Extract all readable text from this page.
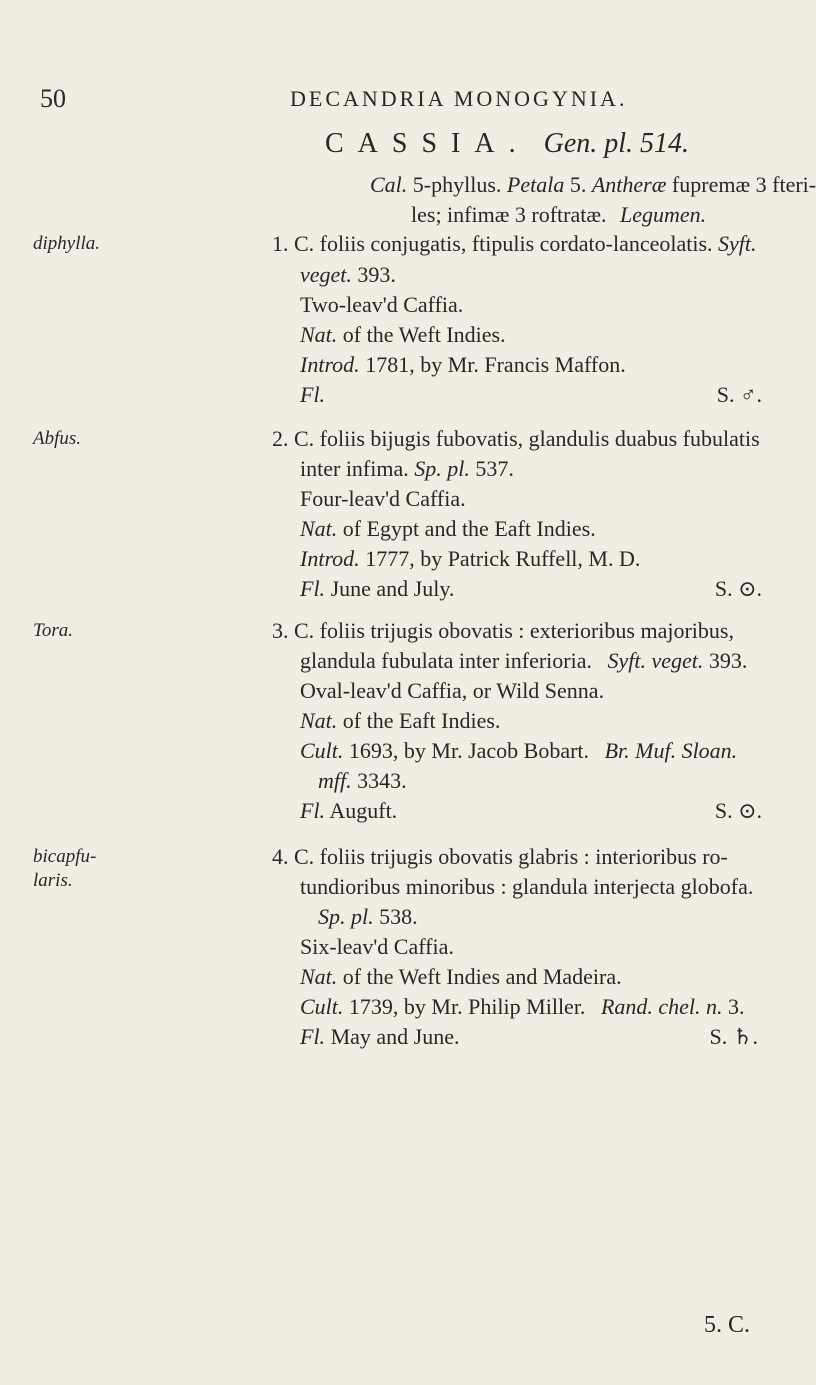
50	DECANDRIA MONOGYNIA.
CASSIA. Gen. pl. 514.
Cal. 5-phyllus. Petala 5. Antheræ fupremæ 3 fteri-
les; infimæ 3 roftratæ. Legumen.
diphylla.	1. C. foliis conjugatis, ftipulis cordato-lanceolatis. Syft.
veget. 393.
Two-leav'd Caffia.
Nat. of the Weft Indies.
Introd. 1781, by Mr. Francis Maffon.
Fl.	S. ♂.
Abfus.	2. C. foliis bijugis fubovatis, glandulis duabus fubulatis
inter infima. Sp. pl. 537.
Four-leav'd Caffia.
Nat. of Egypt and the Eaft Indies.
Introd. 1777, by Patrick Ruffell, M. D.
Fl. June and July.	S. ⊙.
Tora.	3. C. foliis trijugis obovatis : exterioribus majoribus,
glandula fubulata inter inferioria. Syft. veget. 393.
Oval-leav'd Caffia, or Wild Senna.
Nat. of the Eaft Indies.
Cult. 1693, by Mr. Jacob Bobart. Br. Muf. Sloan.
mff. 3343.
Fl. Auguft.	S. ⊙.
bicapfu-
laris.
4. C. foliis trijugis obovatis glabris : interioribus ro-
tundioribus minoribus : glandula interjecta globofa.
Sp. pl. 538.
Six-leav'd Caffia.
Nat. of the Weft Indies and Madeira.
Cult. 1739, by Mr. Philip Miller. Rand. chel. n. 3.
Fl. May and June.	S. ♄.
5. C.
